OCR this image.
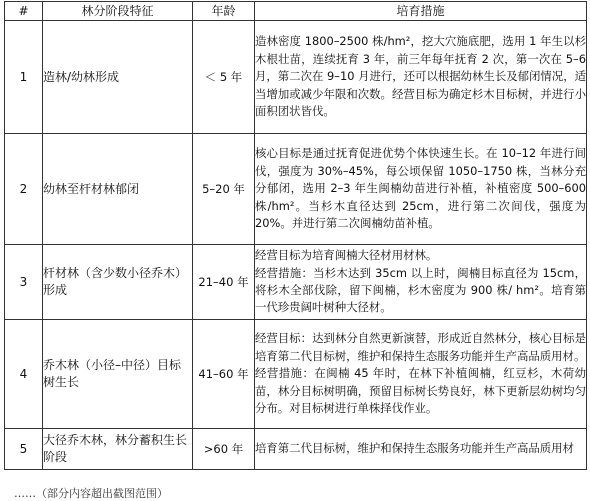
#	林分阶段特征	年龄	培育措施
1	造林/幼林形成	＜ 5 年	造林密度 1800–2500 株/hm²，挖大穴施底肥，选用 1 年生以杉木根壮苗，连续抚育 3 年，前三年每年抚育 2 次，第一次在 5–6 月，第二次在 9–10 月进行，还可以根据幼林生长及郁闭情况，适当增加或减少年限和次数。经营目标为确定杉木目标树，并进行小面积团状皆伐。

2	幼林至杆材林郁闭	5–20 年	核心目标是通过抚育促进优势个体快速生长。在 10–12 年进行间伐，强度为 30%–45%，每公顷保留 1050–1750 株，当林分充分郁闭，选用 2–3 年生闽楠幼苗进行补植，补植密度 500–600 株/hm²。当杉木直径达到 25cm，进行第二次间伐，强度为 20%。并进行第二次闽楠幼苗补植。

3	杆材林（含少数小径乔木）形成	21–40 年	经营目标为培育闽楠大径材用材林。

经营措施：当杉木达到 35cm 以上时，闽楠目标直径为 15cm，将杉木全部伐除，留下闽楠，杉木密度为 900 株/ hm²。培育第一代珍贵阔叶树种大径材。

4	乔木林（小径–中径）目标树生长	41–60 年	经营目标：达到林分自然更新演替，形成近自然林分，核心目标是培育第二代目标树，维护和保持生态服务功能并生产高品质用材。

经营措施：在闽楠 45 年时，在林下补植闽楠，红豆杉，木荷幼苗，林分目标树明确，预留目标树长势良好，林下更新层幼树均匀分布。对目标树进行单株择伐作业。

5	大径乔木林，林分蓄积生长阶段	>60 年	培育第二代目标树，维护和保持生态服务功能并生产高品质用材

……（部分内容超出截图范围）
